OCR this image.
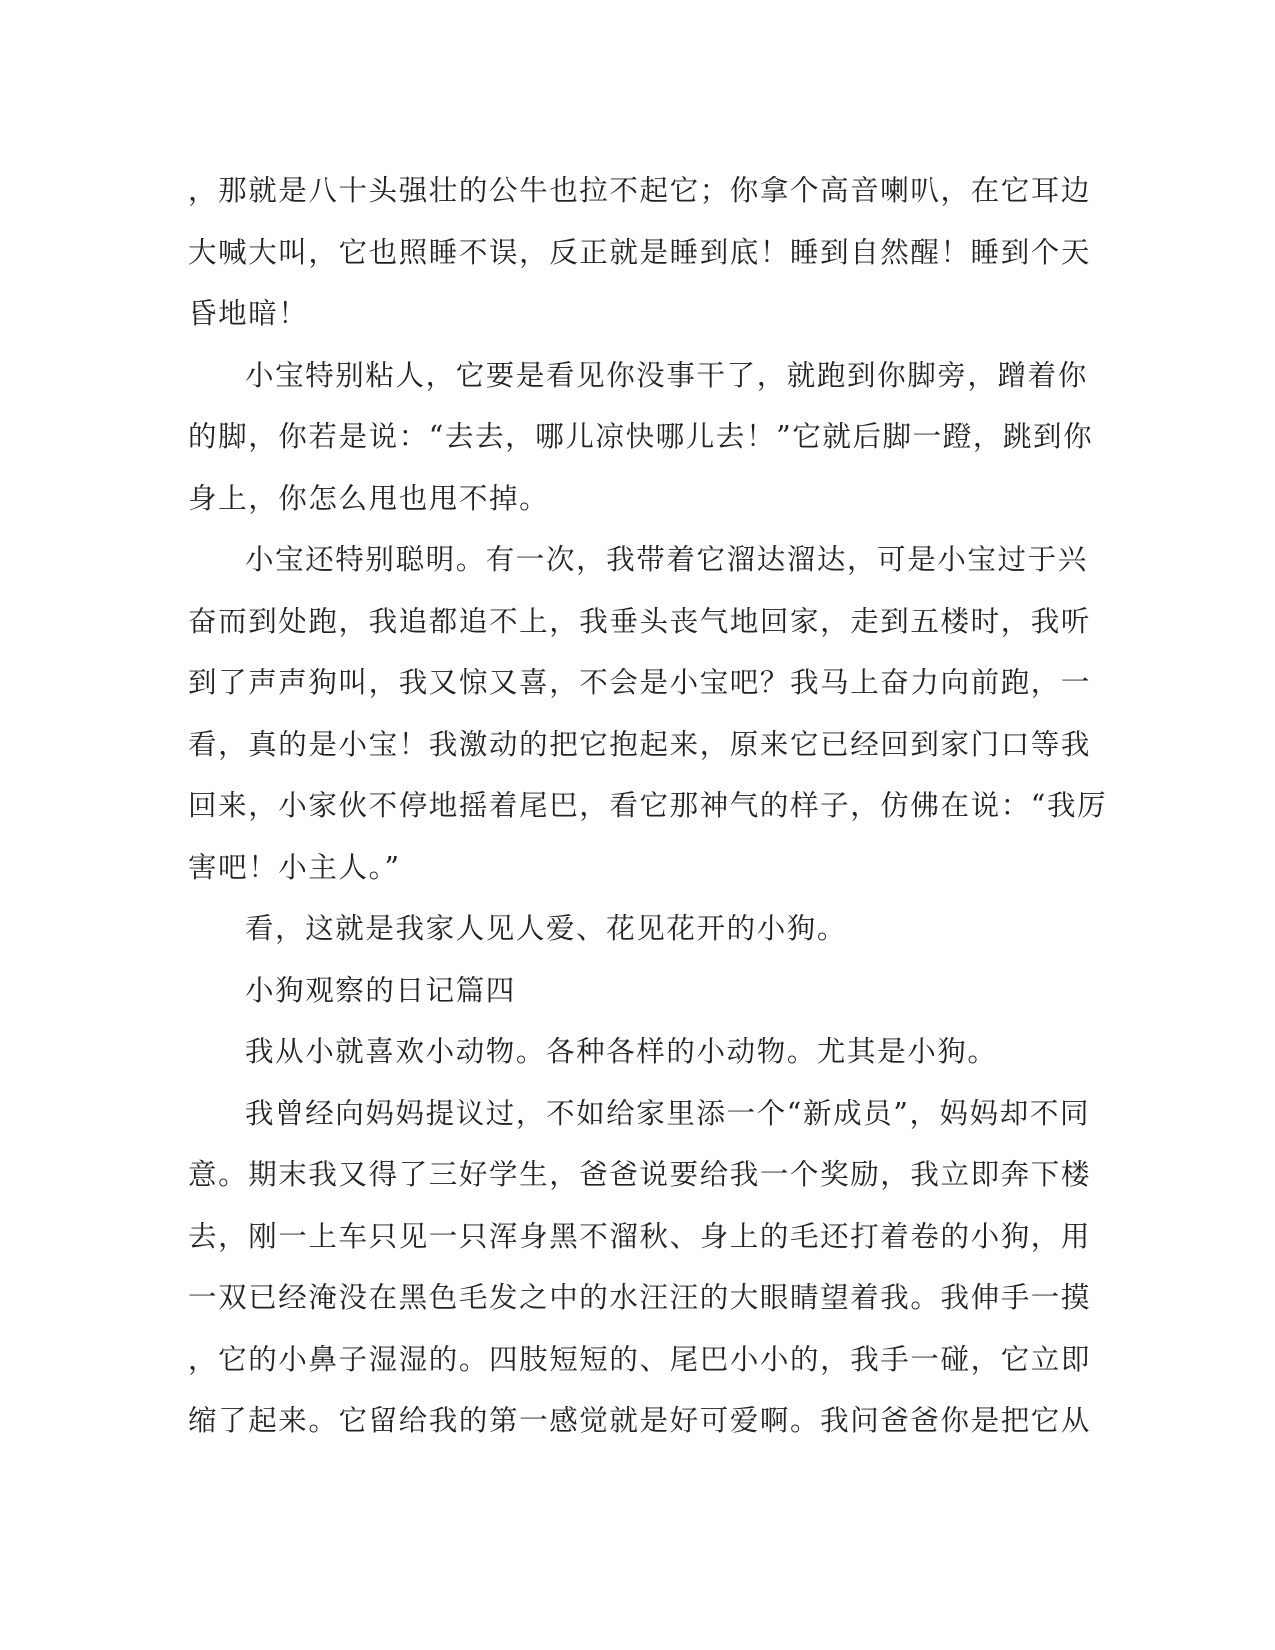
，那就是八十头强壮的公牛也拉不起它；你拿个高音喇叭，在它耳边
大喊大叫，它也照睡不误，反正就是睡到底！睡到自然醒！睡到个天
昏地暗！

小宝特别粘人，它要是看见你没事干了，就跑到你脚旁，蹭着你
的脚，你若是说：“去去，哪儿凉快哪儿去！”它就后脚一蹬，跳到你
身上，你怎么甩也甩不掉。

小宝还特别聪明。有一次，我带着它溜达溜达，可是小宝过于兴
奋而到处跑，我追都追不上，我垂头丧气地回家，走到五楼时，我听
到了声声狗叫，我又惊又喜，不会是小宝吧？我马上奋力向前跑，一
看，真的是小宝！我激动的把它抱起来，原来它已经回到家门口等我
回来，小家伙不停地摇着尾巴，看它那神气的样子，仿佛在说：“我厉
害吧！小主人。”

看，这就是我家人见人爱、花见花开的小狗。

小狗观察的日记篇四

我从小就喜欢小动物。各种各样的小动物。尤其是小狗。

我曾经向妈妈提议过，不如给家里添一个“新成员”，妈妈却不同
意。期末我又得了三好学生，爸爸说要给我一个奖励，我立即奔下楼
去，刚一上车只见一只浑身黑不溜秋、身上的毛还打着卷的小狗，用
一双已经淹没在黑色毛发之中的水汪汪的大眼睛望着我。我伸手一摸
，它的小鼻子湿湿的。四肢短短的、尾巴小小的，我手一碰，它立即
缩了起来。它留给我的第一感觉就是好可爱啊。我问爸爸你是把它从
